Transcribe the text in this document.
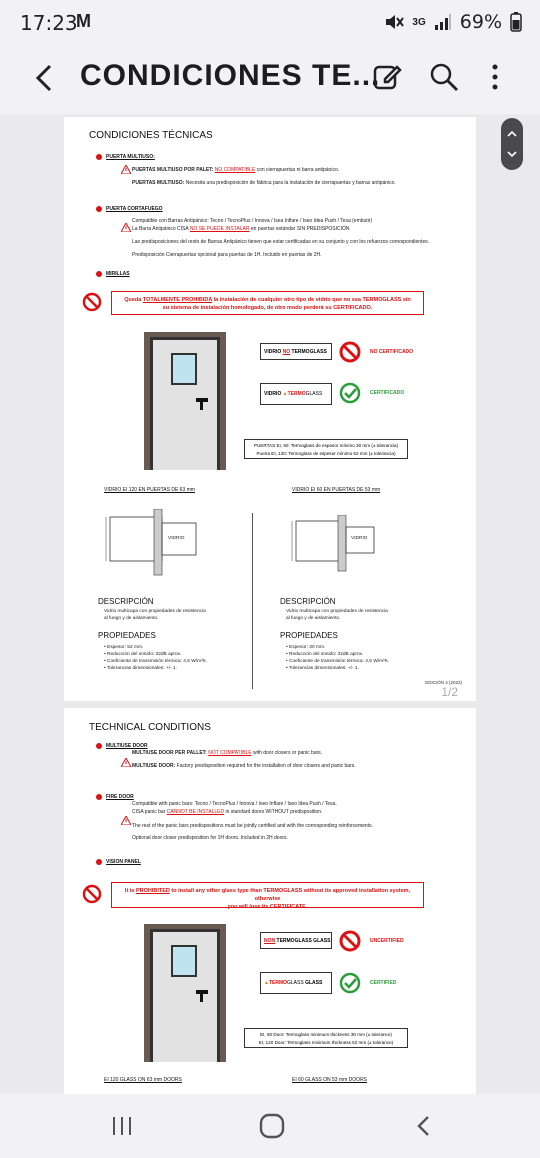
17:23
M	3G 69%
CONDICIONES TE...
CONDICIONES TÉCNICAS
PUERTA MULTIUSO:
PUERTAS MULTIUSO POR PALET: NO COMPATIBLE con cierrapuertas ni barra antipánico.
PUERTAS MULTIUSO: Necesita una predisposición de fábrica para la instalación de cierrapuertas y barras antipánico.
PUERTA CORTAFUEGO
Compatible con Barras Antipánico: Tecno / TecnoPlus / Innova / Isea Inflare / Iseo Idea Push / Tesa (embutir)
La Barra Antipánico CISA NO SE PUEDE INSTALAR en puertas estándar SIN PREDISPOSICIÓN
Las predisposiciones del resto de Barras Antipánico tienen que estar certificadas en su conjunto y con los refuerzos correspondientes.
Predisposición Cierrapuertas opcional para puertas de 1H. Incluido en puertas de 2H.
MIRILLAS
Queda TOTALMENTE PROHIBIDA la instalación de cualquier otro tipo de vidrio que no sea TERMOGLASS sin
su sistema de instalación homologado, de otro modo perderá su CERTIFICADO.
VIDRIO
NO
TERMOGLASS	NO CERTIFICADO
VIDRIO
▲ TERMO GLASS	CERTIFICADO
PUERTAS EI, 60: Termoglass de espesor mínimo 30 mm (± tolerancia)
Puerta EI, 120: Termoglass de espesor mínimo 52 mm (± tolerancia)
VIDRIO EI 120 EN PUERTAS DE 63 mm	VIDRIO EI 60 EN PUERTAS DE 53 mm
VIDRIO	VIDRIO
DESCRIPCIÓN
Vidrio multicapa con propiedades de resistencia
al fuego y de aislamiento.
PROPIEDADES
• Espesor: 52 mm.
• Reducción del sonido: 32dB aprox.
• Coeficiente de transmisión térmica: 4,5 W/m²K.
• Tolerancias dimensionales: +/- 1.
DESCRIPCIÓN
Vidrio multicapa con propiedades de resistencia
al fuego y de aislamiento.
PROPIEDADES
• Espesor: 30 mm.
• Reducción del sonido: 32dB aprox.
• Coeficiente de transmisión térmica: 4,5 W/m²K.
• Tolerancias dimensionales: +/- 1.
EDICIÓN 4 (2022)
1/2
TECHNICAL CONDITIONS
MULTIUSE DOOR
MULTIUSE DOOR PER PALLET: NOT COMPATIBLE with door closers or panic bars.
MULTIUSE DOOR: Factory predisposition required for the installation of door closers and panic bars.
FIRE DOOR
Compatible with panic bars: Tecno / TecnoPlus / Innova / Iseo Inflare / Iseo Idea Push / Tesa.
CISA panic bar CANNOT BE INSTALLED in standard doors WITHOUT predisposition.
The rest of the panic bars predispositions must be jointly certified and with the corresponding reinforcements.
Optional door closer predisposition for 1H doors. Included in 2H doors.
VISION PANEL
It is PROHIBITED to install any other glass type than TERMOGLASS without its approved installation system, otherwise
you will lose its CERTIFICATE.
NON
TERMOGLASS GLASS	UNCERTIFIED
▲ TERMO GLASS
GLASS	CERTIFIED
EI, 60 Door: Termoglass minimum thickness 30 mm (± tolerance)
EI, 120 Door: Termoglass minimum thickness 52 mm (± tolerance)
EI 120 GLASS ON 63 mm DOORS	EI 60 GLASS ON 53 mm DOORS
